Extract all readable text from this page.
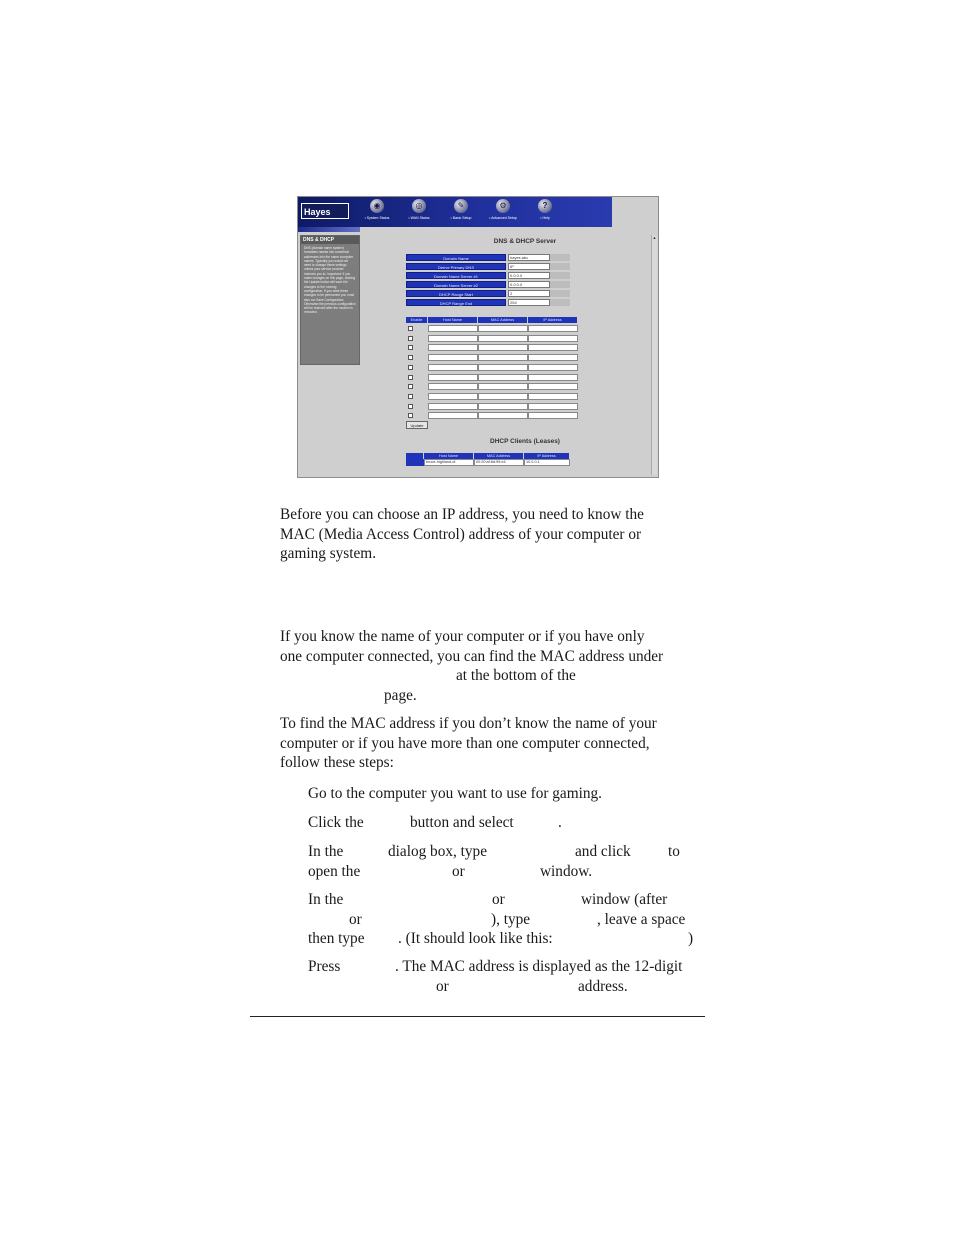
Hayes
◉
• System Status
◎
• WAN Status
✎
• Basic Setup
⚙
• Advanced Setup
?
• Help
DNS & DHCP
DNS (domain name system) translates names into numerical addresses into the name computer names. Typically you would not need to change these settings unless your service provider instructs you to. Important: If you make changes on this page, clicking the Update button will save the changes to the running configuration. If you want these changes to be permanent you must also run Save Configuration. Otherwise the previous configuration will be restored after the modem is rebooted.
DNS & DHCP Server
Domain Name	hayes.abc
Derive Primary DNS	IP
Domain Name Server #1	0.0.0.0
Domain Name Server #2	0.0.0.0
DHCP Range Start	2
DHCP Range End	254
Enable	Host Name	MAC Address	IP Address
Update
DHCP Clients (Leases)
Host Name	MAC Address	IP Address
bruce-highland-di	00:20:af:8d:99:e4	10.0.0.1
▲
Before you can choose an IP address, you need to know the
MAC (Media Access Control) address of your computer or
gaming system.
If you know the name of your computer or if you have only
one computer connected, you can find the MAC address under
at the bottom of the
page.
To find the MAC address if you don’t know the name of your
computer or if you have more than one computer connected,
follow these steps:
Go to the computer you want to use for gaming.
Click the	button and select	.
In the	dialog box, type	and click to
open the	or	window.
In the	or	window (after
or	), type	, leave a space
then type . (It should look like this:	)
Press	. The MAC address is displayed as the 12-digit
or	address.
